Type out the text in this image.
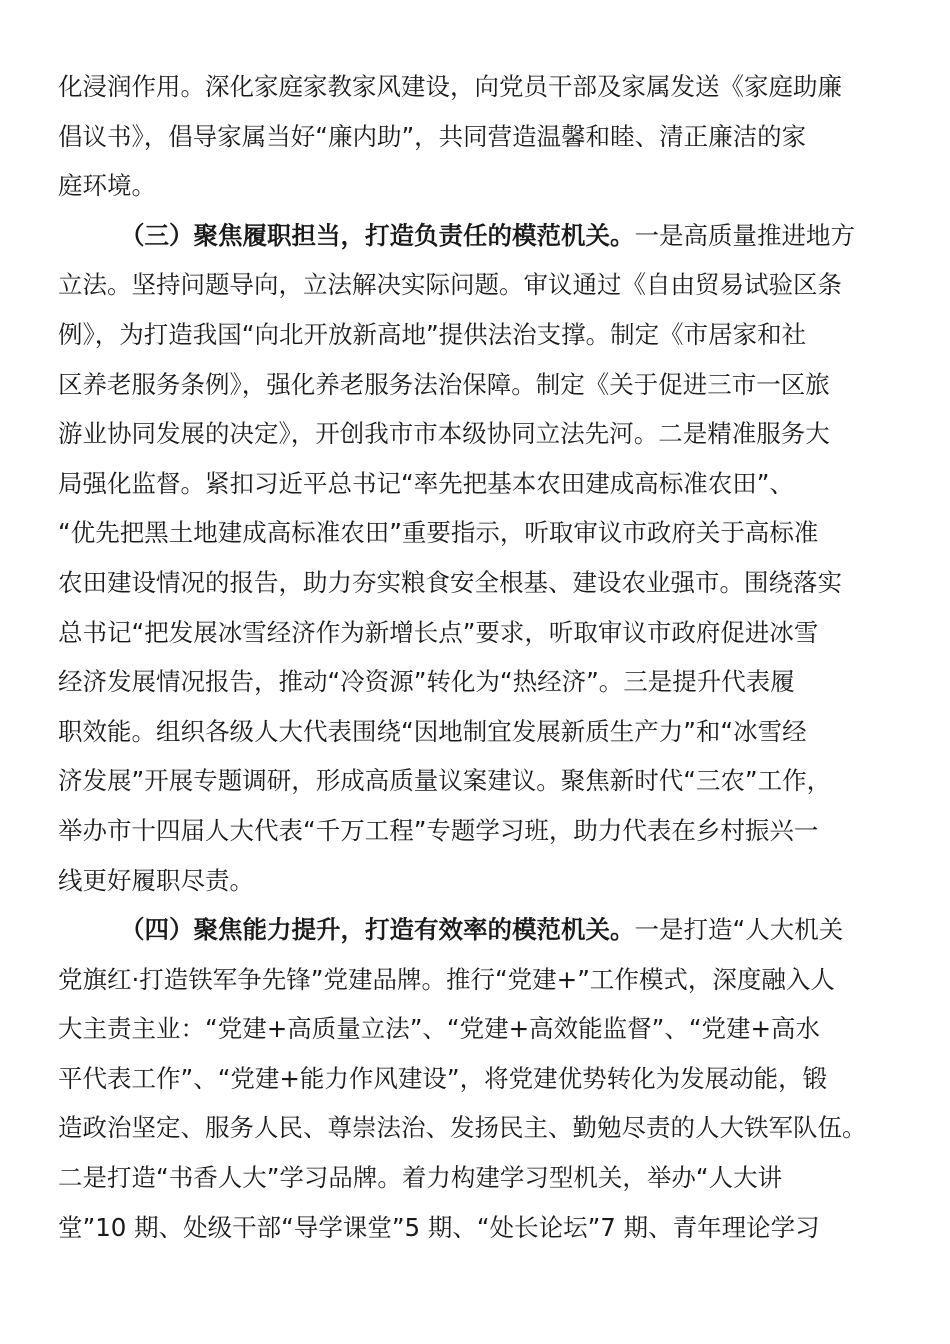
化浸润作用。深化家庭家教家风建设，向党员干部及家属发送《家庭助廉
倡议书》，倡导家属当好“廉内助”，共同营造温馨和睦、清正廉洁的家
庭环境。
（三）聚焦履职担当，打造负责任的模范机关。一是高质量推进地方
立法。坚持问题导向，立法解决实际问题。审议通过《自由贸易试验区条
例》，为打造我国“向北开放新高地”提供法治支撑。制定《市居家和社
区养老服务条例》，强化养老服务法治保障。制定《关于促进三市一区旅
游业协同发展的决定》，开创我市市本级协同立法先河。二是精准服务大
局强化监督。紧扣习近平总书记“率先把基本农田建成高标准农田”、
“优先把黑土地建成高标准农田”重要指示，听取审议市政府关于高标准
农田建设情况的报告，助力夯实粮食安全根基、建设农业强市。围绕落实
总书记“把发展冰雪经济作为新增长点”要求，听取审议市政府促进冰雪
经济发展情况报告，推动“冷资源”转化为“热经济”。三是提升代表履
职效能。组织各级人大代表围绕“因地制宜发展新质生产力”和“冰雪经
济发展”开展专题调研，形成高质量议案建议。聚焦新时代“三农”工作，
举办市十四届人大代表“千万工程”专题学习班，助力代表在乡村振兴一
线更好履职尽责。
（四）聚焦能力提升，打造有效率的模范机关。一是打造“人大机关
党旗红·打造铁军争先锋”党建品牌。推行“党建+”工作模式，深度融入人
大主责主业：“党建+高质量立法”、“党建+高效能监督”、“党建+高水
平代表工作”、“党建+能力作风建设”，将党建优势转化为发展动能，锻
造政治坚定、服务人民、尊崇法治、发扬民主、勤勉尽责的人大铁军队伍。
二是打造“书香人大”学习品牌。着力构建学习型机关，举办“人大讲
堂”10 期、处级干部“导学课堂”5 期、“处长论坛”7 期、青年理论学习
